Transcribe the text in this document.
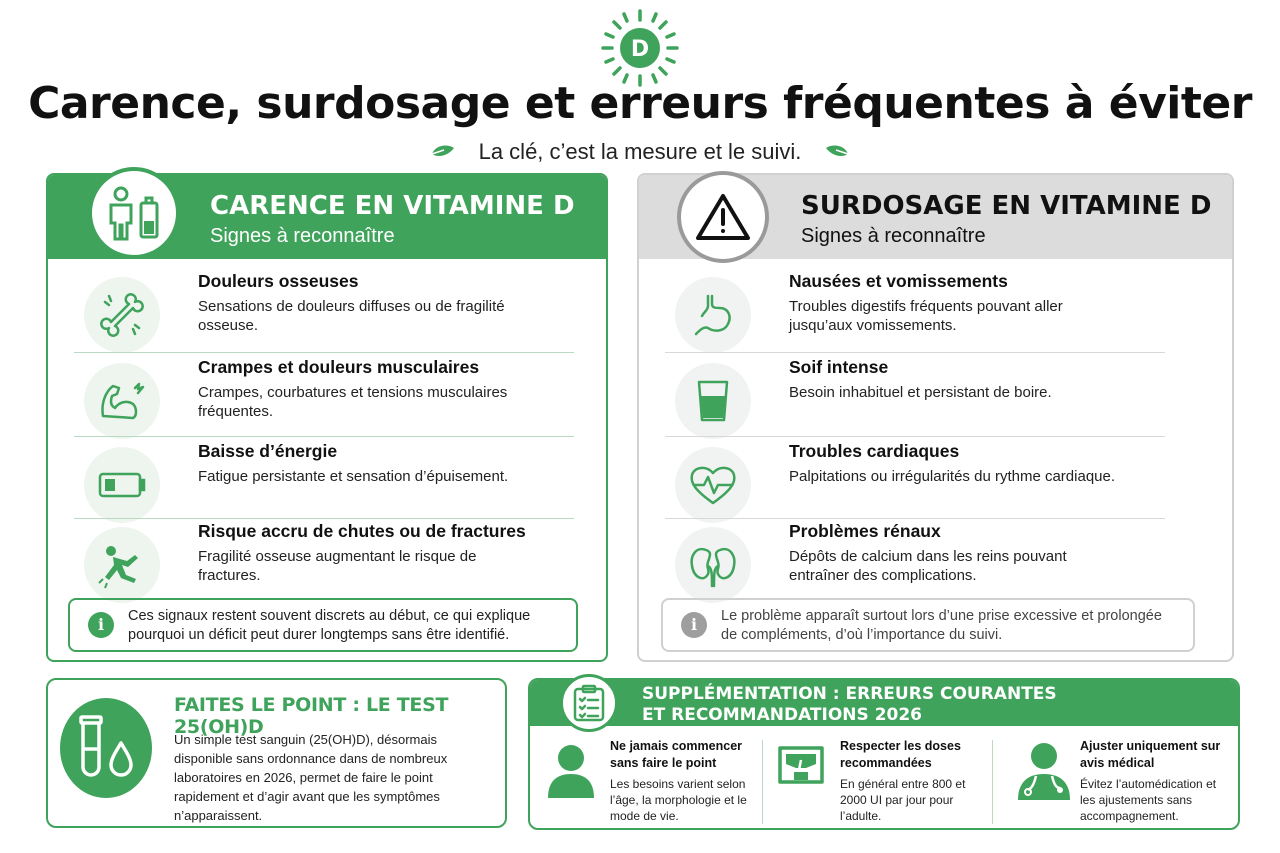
D
Carence, surdosage et erreurs fréquentes à éviter
La clé, c’est la mesure et le suivi.
CARENCE EN VITAMINE D
Signes à reconnaître
Douleurs osseuses
Sensations de douleurs diffuses ou de fragilité osseuse.
Crampes et douleurs musculaires
Crampes, courbatures et tensions musculaires fréquentes.
Baisse d’énergie
Fatigue persistante et sensation d’épuisement.
Risque accru de chutes ou de fractures
Fragilité osseuse augmentant le risque de fractures.
i	Ces signaux restent souvent discrets au début, ce qui explique pourquoi un déficit peut durer longtemps sans être identifié.
SURDOSAGE EN VITAMINE D
Signes à reconnaître
Nausées et vomissements
Troubles digestifs fréquents pouvant aller jusqu’aux vomissements.
Soif intense
Besoin inhabituel et persistant de boire.
Troubles cardiaques
Palpitations ou irrégularités du rythme cardiaque.
Problèmes rénaux
Dépôts de calcium dans les reins pouvant entraîner des complications.
i	Le problème apparaît surtout lors d’une prise excessive et prolongée de compléments, d’où l’importance du suivi.
FAITES LE POINT : LE TEST 25(OH)D
Un simple test sanguin (25(OH)D), désormais disponible sans ordonnance dans de nombreux laboratoires en 2026, permet de faire le point rapidement et d’agir avant que les symptômes n’apparaissent.
SUPPLÉMENTATION : ERREURS COURANTES
ET RECOMMANDATIONS 2026
Ne jamais commencer sans faire le point
Les besoins varient selon l’âge, la morphologie et le mode de vie.
Respecter les doses recommandées
En général entre 800 et 2000 UI par jour pour l’adulte.
Ajuster uniquement sur avis médical
Évitez l’automédication et les ajustements sans accompagnement.
